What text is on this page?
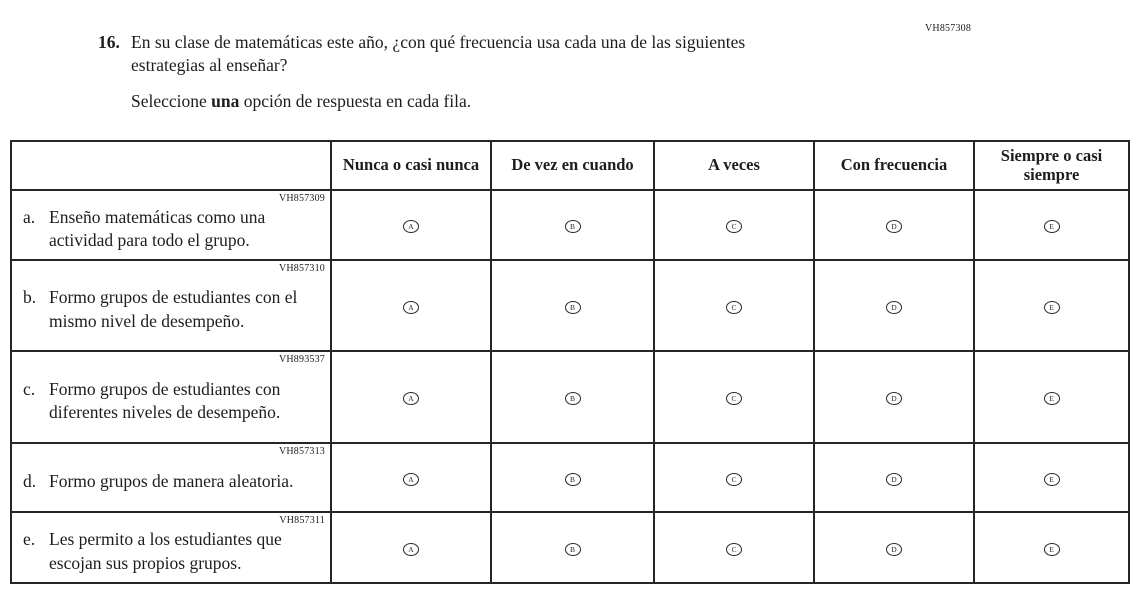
VH857308
16. En su clase de matemáticas este año, ¿con qué frecuencia usa cada una de las siguientes
estrategias al enseñar?
Seleccione una opción de respuesta en cada fila.
	Nunca o casi nunca	De vez en cuando	A veces	Con frecuencia	Siempre o casi siempre

VH857309
a. Enseño matemáticas como una actividad para todo el grupo.	A	B	C	D	E

VH857310
b. Formo grupos de estudiantes con el mismo nivel de desempeño.	A	B	C	D	E

VH893537
c. Formo grupos de estudiantes con diferentes niveles de desempeño.	A	B	C	D	E

VH857313
d. Formo grupos de manera aleatoria.	A	B	C	D	E

VH857311
e. Les permito a los estudiantes que escojan sus propios grupos.	A	B	C	D	E
